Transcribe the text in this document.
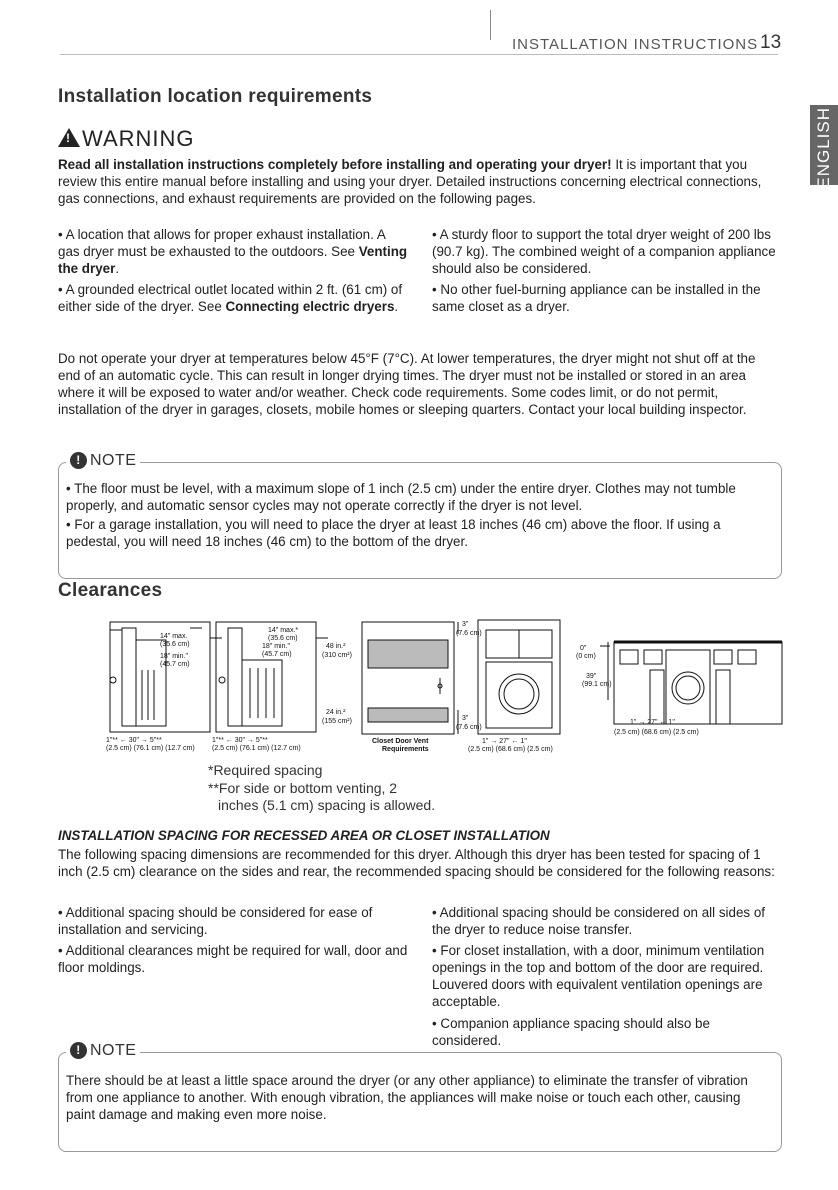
INSTALLATION INSTRUCTIONS 13
ENGLISH
Installation location requirements
!WARNING
Read all installation instructions completely before installing and operating your dryer! It is important that you review this entire manual before installing and using your dryer. Detailed instructions concerning electrical connections, gas connections, and exhaust requirements are provided on the following pages.
• A location that allows for proper exhaust installation. A gas dryer must be exhausted to the outdoors. See Venting the dryer.
• A grounded electrical outlet located within 2 ft. (61 cm) of either side of the dryer. See Connecting electric dryers.
• A sturdy floor to support the total dryer weight of 200 lbs (90.7 kg). The combined weight of a companion appliance should also be considered.
• No other fuel-burning appliance can be installed in the same closet as a dryer.
Do not operate your dryer at temperatures below 45°F (7°C). At lower temperatures, the dryer might not shut off at the end of an automatic cycle. This can result in longer drying times. The dryer must not be installed or stored in an area where it will be exposed to water and/or weather. Check code requirements. Some codes limit, or do not permit, installation of the dryer in garages, closets, mobile homes or sleeping quarters. Contact your local building inspector.
! NOTE
• The floor must be level, with a maximum slope of 1 inch (2.5 cm) under the entire dryer. Clothes may not tumble properly, and automatic sensor cycles may not operate correctly if the dryer is not level.
• For a garage installation, you will need to place the dryer at least 18 inches (46 cm) above the floor. If using a pedestal, you will need 18 inches (46 cm) to the bottom of the dryer.
Clearances
14" max.
(35.6 cm)
18" min."
(45.7 cm)
1"** ← 30" → 5"**
(2.5 cm) (76.1 cm) (12.7 cm)
14" max.*
(35.6 cm)
18" min."
(45.7 cm)
1"** ← 30" → 5"**
(2.5 cm) (76.1 cm) (12.7 cm)
48 in.²
(310 cm²)
24 in.²
(155 cm²)
3"
(7.6 cm)
3"
(7.6 cm)
Closet Door Vent
Requirements
1" → 27" ← 1"
(2.5 cm) (68.6 cm) (2.5 cm)
0"
(0 cm)
39"
(99.1 cm)
1" → 27" ← 1"
(2.5 cm) (68.6 cm) (2.5 cm)
*Required spacing
**For side or bottom venting, 2
inches (5.1 cm) spacing is allowed.
INSTALLATION SPACING FOR RECESSED AREA OR CLOSET INSTALLATION
The following spacing dimensions are recommended for this dryer. Although this dryer has been tested for spacing of 1 inch (2.5 cm) clearance on the sides and rear, the recommended spacing should be considered for the following reasons:
• Additional spacing should be considered for ease of installation and servicing.
• Additional clearances might be required for wall, door and floor moldings.
• Additional spacing should be considered on all sides of the dryer to reduce noise transfer.
• For closet installation, with a door, minimum ventilation openings in the top and bottom of the door are required. Louvered doors with equivalent ventilation openings are acceptable.
• Companion appliance spacing should also be considered.
! NOTE
There should be at least a little space around the dryer (or any other appliance) to eliminate the transfer of vibration from one appliance to another. With enough vibration, the appliances will make noise or touch each other, causing paint damage and making even more noise.
